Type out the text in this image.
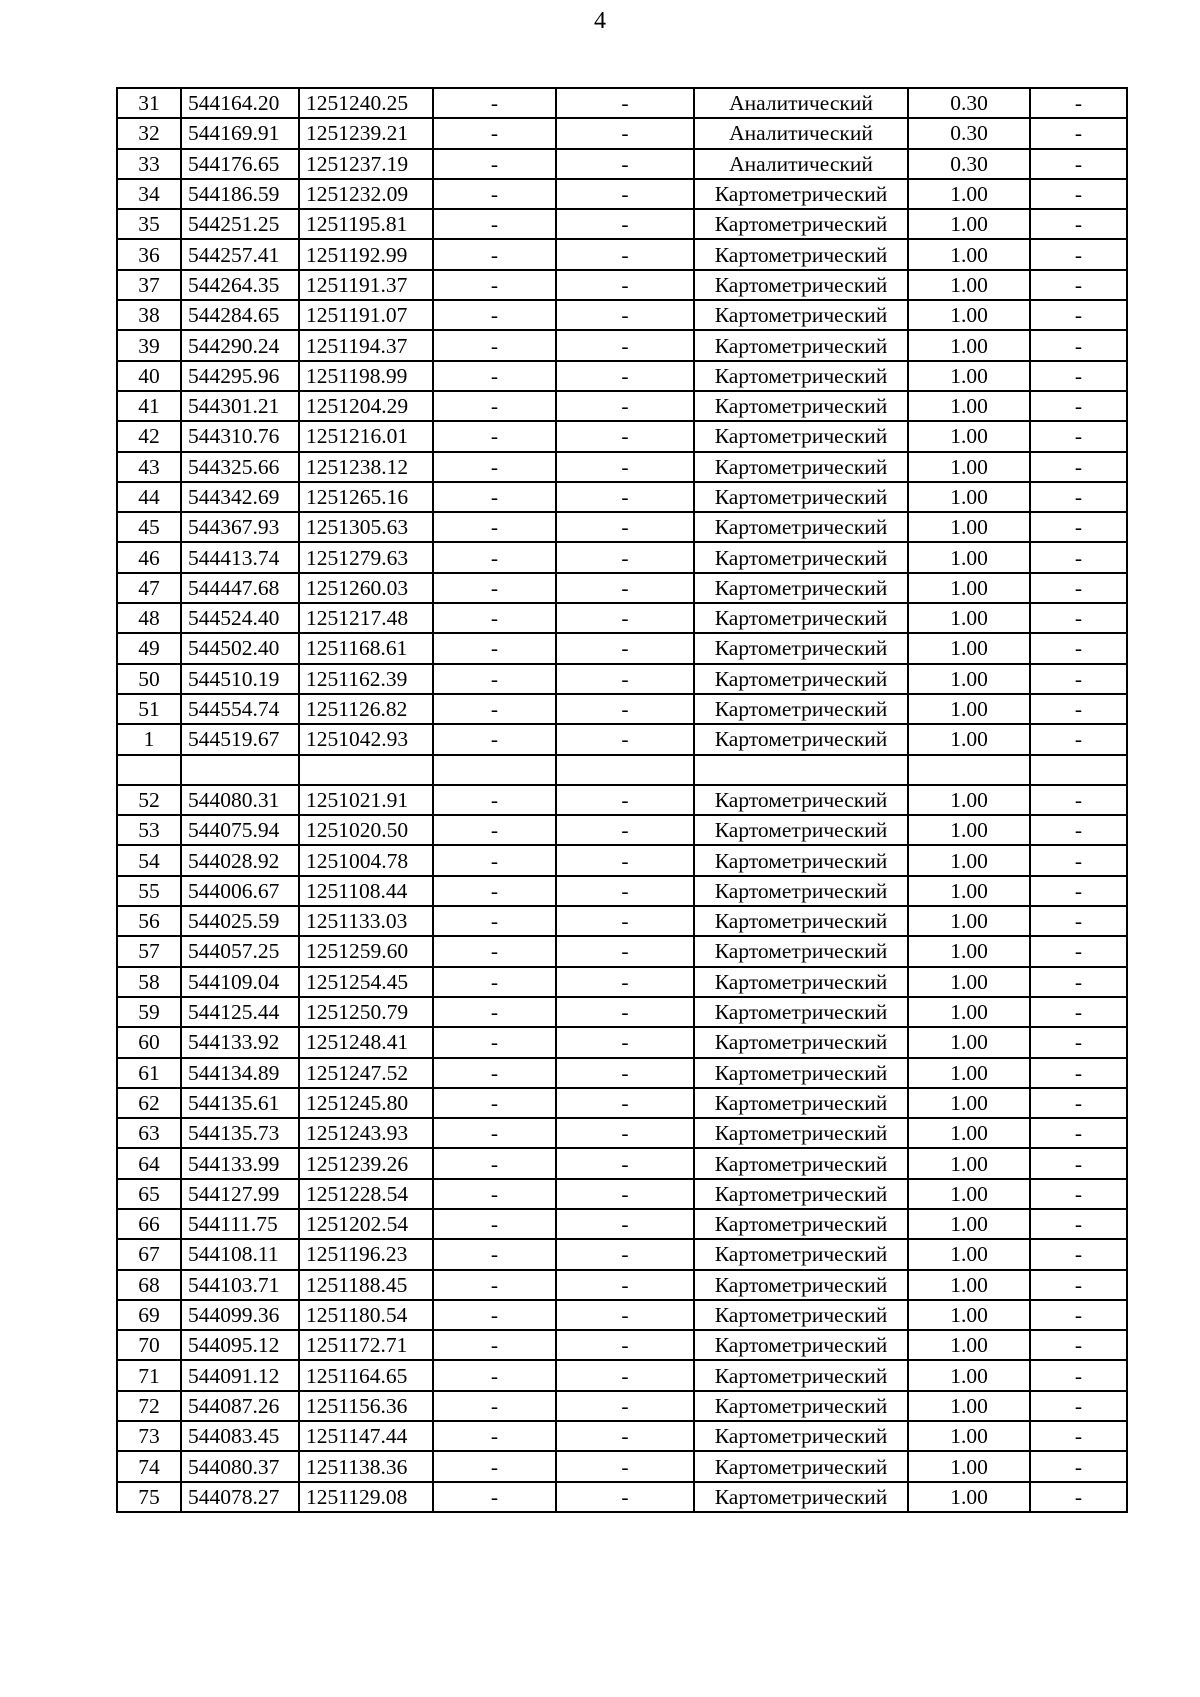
4
31	544164.20	1251240.25	-	-	Аналитический	0.30	-
32	544169.91	1251239.21	-	-	Аналитический	0.30	-
33	544176.65	1251237.19	-	-	Аналитический	0.30	-
34	544186.59	1251232.09	-	-	Картометрический	1.00	-
35	544251.25	1251195.81	-	-	Картометрический	1.00	-
36	544257.41	1251192.99	-	-	Картометрический	1.00	-
37	544264.35	1251191.37	-	-	Картометрический	1.00	-
38	544284.65	1251191.07	-	-	Картометрический	1.00	-
39	544290.24	1251194.37	-	-	Картометрический	1.00	-
40	544295.96	1251198.99	-	-	Картометрический	1.00	-
41	544301.21	1251204.29	-	-	Картометрический	1.00	-
42	544310.76	1251216.01	-	-	Картометрический	1.00	-
43	544325.66	1251238.12	-	-	Картометрический	1.00	-
44	544342.69	1251265.16	-	-	Картометрический	1.00	-
45	544367.93	1251305.63	-	-	Картометрический	1.00	-
46	544413.74	1251279.63	-	-	Картометрический	1.00	-
47	544447.68	1251260.03	-	-	Картометрический	1.00	-
48	544524.40	1251217.48	-	-	Картометрический	1.00	-
49	544502.40	1251168.61	-	-	Картометрический	1.00	-
50	544510.19	1251162.39	-	-	Картометрический	1.00	-
51	544554.74	1251126.82	-	-	Картометрический	1.00	-
1	544519.67	1251042.93	-	-	Картометрический	1.00	-

52	544080.31	1251021.91	-	-	Картометрический	1.00	-
53	544075.94	1251020.50	-	-	Картометрический	1.00	-
54	544028.92	1251004.78	-	-	Картометрический	1.00	-
55	544006.67	1251108.44	-	-	Картометрический	1.00	-
56	544025.59	1251133.03	-	-	Картометрический	1.00	-
57	544057.25	1251259.60	-	-	Картометрический	1.00	-
58	544109.04	1251254.45	-	-	Картометрический	1.00	-
59	544125.44	1251250.79	-	-	Картометрический	1.00	-
60	544133.92	1251248.41	-	-	Картометрический	1.00	-
61	544134.89	1251247.52	-	-	Картометрический	1.00	-
62	544135.61	1251245.80	-	-	Картометрический	1.00	-
63	544135.73	1251243.93	-	-	Картометрический	1.00	-
64	544133.99	1251239.26	-	-	Картометрический	1.00	-
65	544127.99	1251228.54	-	-	Картометрический	1.00	-
66	544111.75	1251202.54	-	-	Картометрический	1.00	-
67	544108.11	1251196.23	-	-	Картометрический	1.00	-
68	544103.71	1251188.45	-	-	Картометрический	1.00	-
69	544099.36	1251180.54	-	-	Картометрический	1.00	-
70	544095.12	1251172.71	-	-	Картометрический	1.00	-
71	544091.12	1251164.65	-	-	Картометрический	1.00	-
72	544087.26	1251156.36	-	-	Картометрический	1.00	-
73	544083.45	1251147.44	-	-	Картометрический	1.00	-
74	544080.37	1251138.36	-	-	Картометрический	1.00	-
75	544078.27	1251129.08	-	-	Картометрический	1.00	-
